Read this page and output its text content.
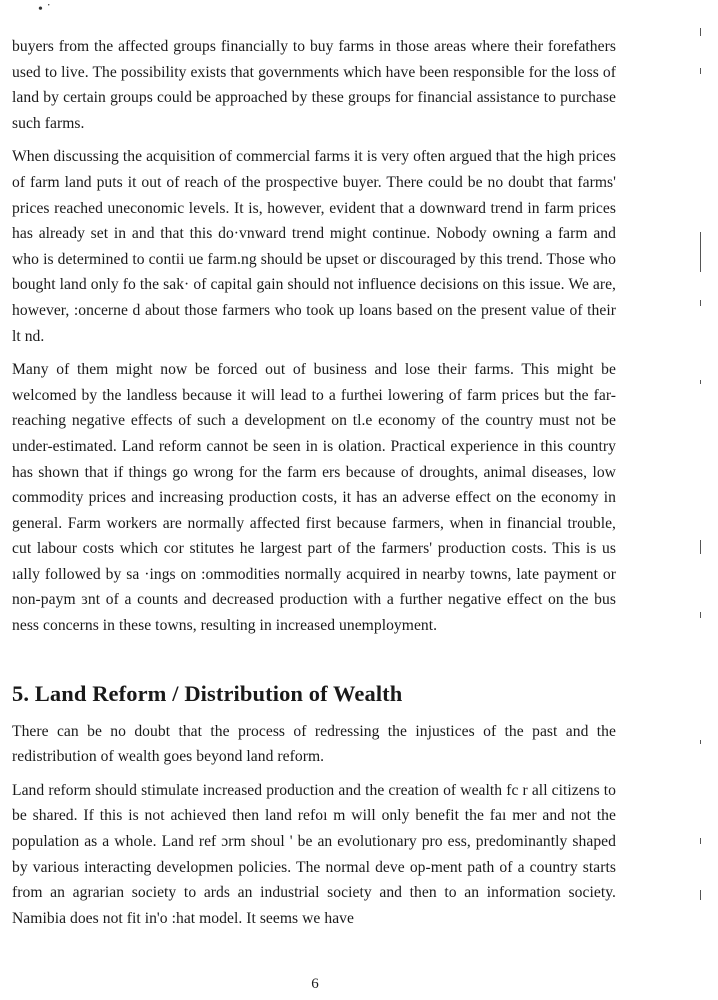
• ˙

buyers from the affected groups financially to buy farms in those areas where their forefathers used to live. The possibility exists that governments which have been responsible for the loss of land by certain groups could be approached by these groups for financial assistance to purchase such farms.

When discussing the acquisition of commercial farms it is very often argued that the high prices of farm land puts it out of reach of the prospective buyer. There could be no doubt that farms' prices reached uneconomic levels. It is, however, evident that a downward trend in farm prices has already set in and that this do·vnward trend might continue. Nobody owning a farm and who is determined to contii ue farm.ng should be upset or discouraged by this trend. Those who bought land only fo the sak· of capital gain should not influence decisions on this issue. We are, however, :oncerne d about those farmers who took up loans based on the present value of their lt nd.

Many of them might now be forced out of business and lose their farms. This might be welcomed by the landless because it will lead to a furthei lowering of farm prices but the far-reaching negative effects of such a development on tl.e economy of the country must not be under-estimated. Land reform cannot be seen in is olation. Practical experience in this country has shown that if things go wrong for the farm ers because of droughts, animal diseases, low commodity prices and increasing production costs, it has an adverse effect on the economy in general. Farm workers are normally affected first because farmers, when in financial trouble, cut labour costs which cor stitutes he largest part of the farmers' production costs. This is us ıally followed by sa ·ings on :ommodities normally acquired in nearby towns, late payment or non-paym ɜnt of a counts and decreased production with a further negative effect on the bus ness concerns in these towns, resulting in increased unemployment.

5. Land Reform / Distribution of Wealth

There can be no doubt that the process of redressing the injustices of the past and the redistribution of wealth goes beyond land reform.

Land reform should stimulate increased production and the creation of wealth fc r all citizens to be shared. If this is not achieved then land refoı m will only benefit the faı mer and not the population as a whole. Land ref ɔrm shoul ' be an evolutionary pro ess, predominantly shaped by various interacting developmen policies. The normal deve op-ment path of a country starts from an agrarian society to ards an industrial society and then to an information society. Namibia does not fit in'o :hat model. It seems we have

6
